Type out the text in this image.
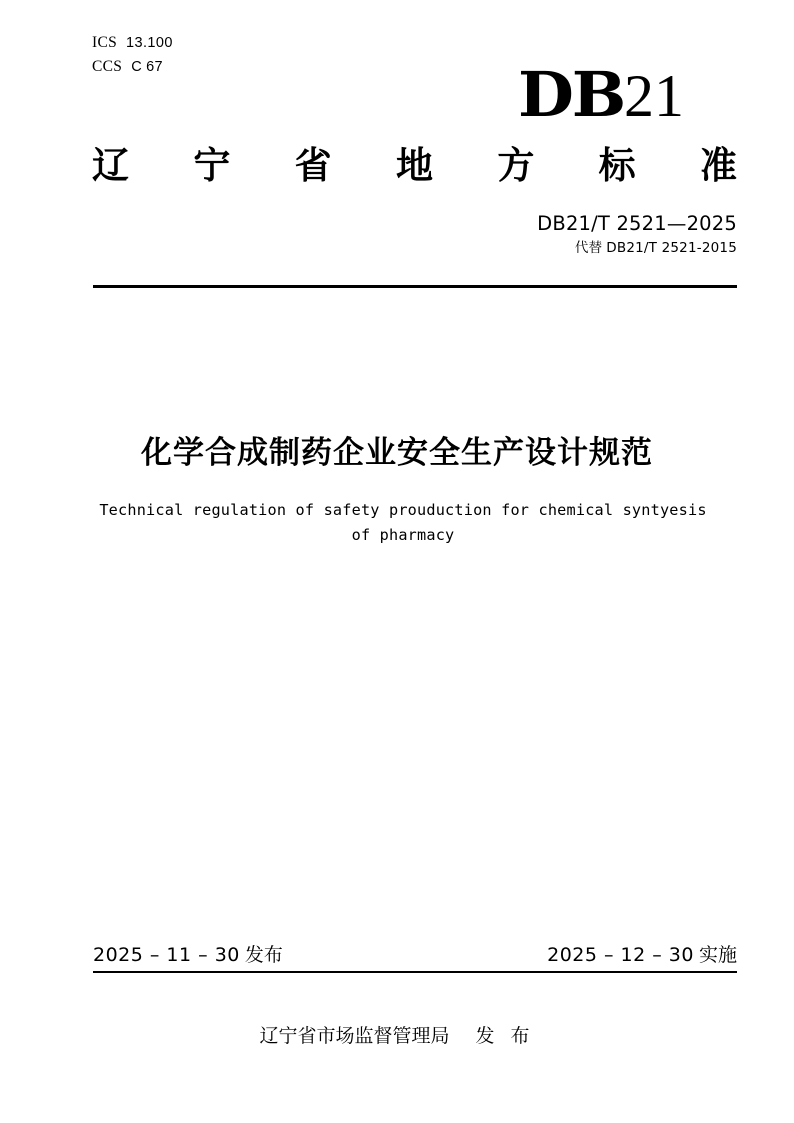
ICS 13.100
CCS C 67	DB21
辽 宁 省 地 方 标 准
DB21/T 2521—2025
代替 DB21/T 2521-2015
化学合成制药企业安全生产设计规范
Technical regulation of safety prouduction for chemical syntyesis of pharmacy
2025 – 11 – 30 发布	2025 – 12 – 30 实施
辽宁省市场监督管理局 发 布
